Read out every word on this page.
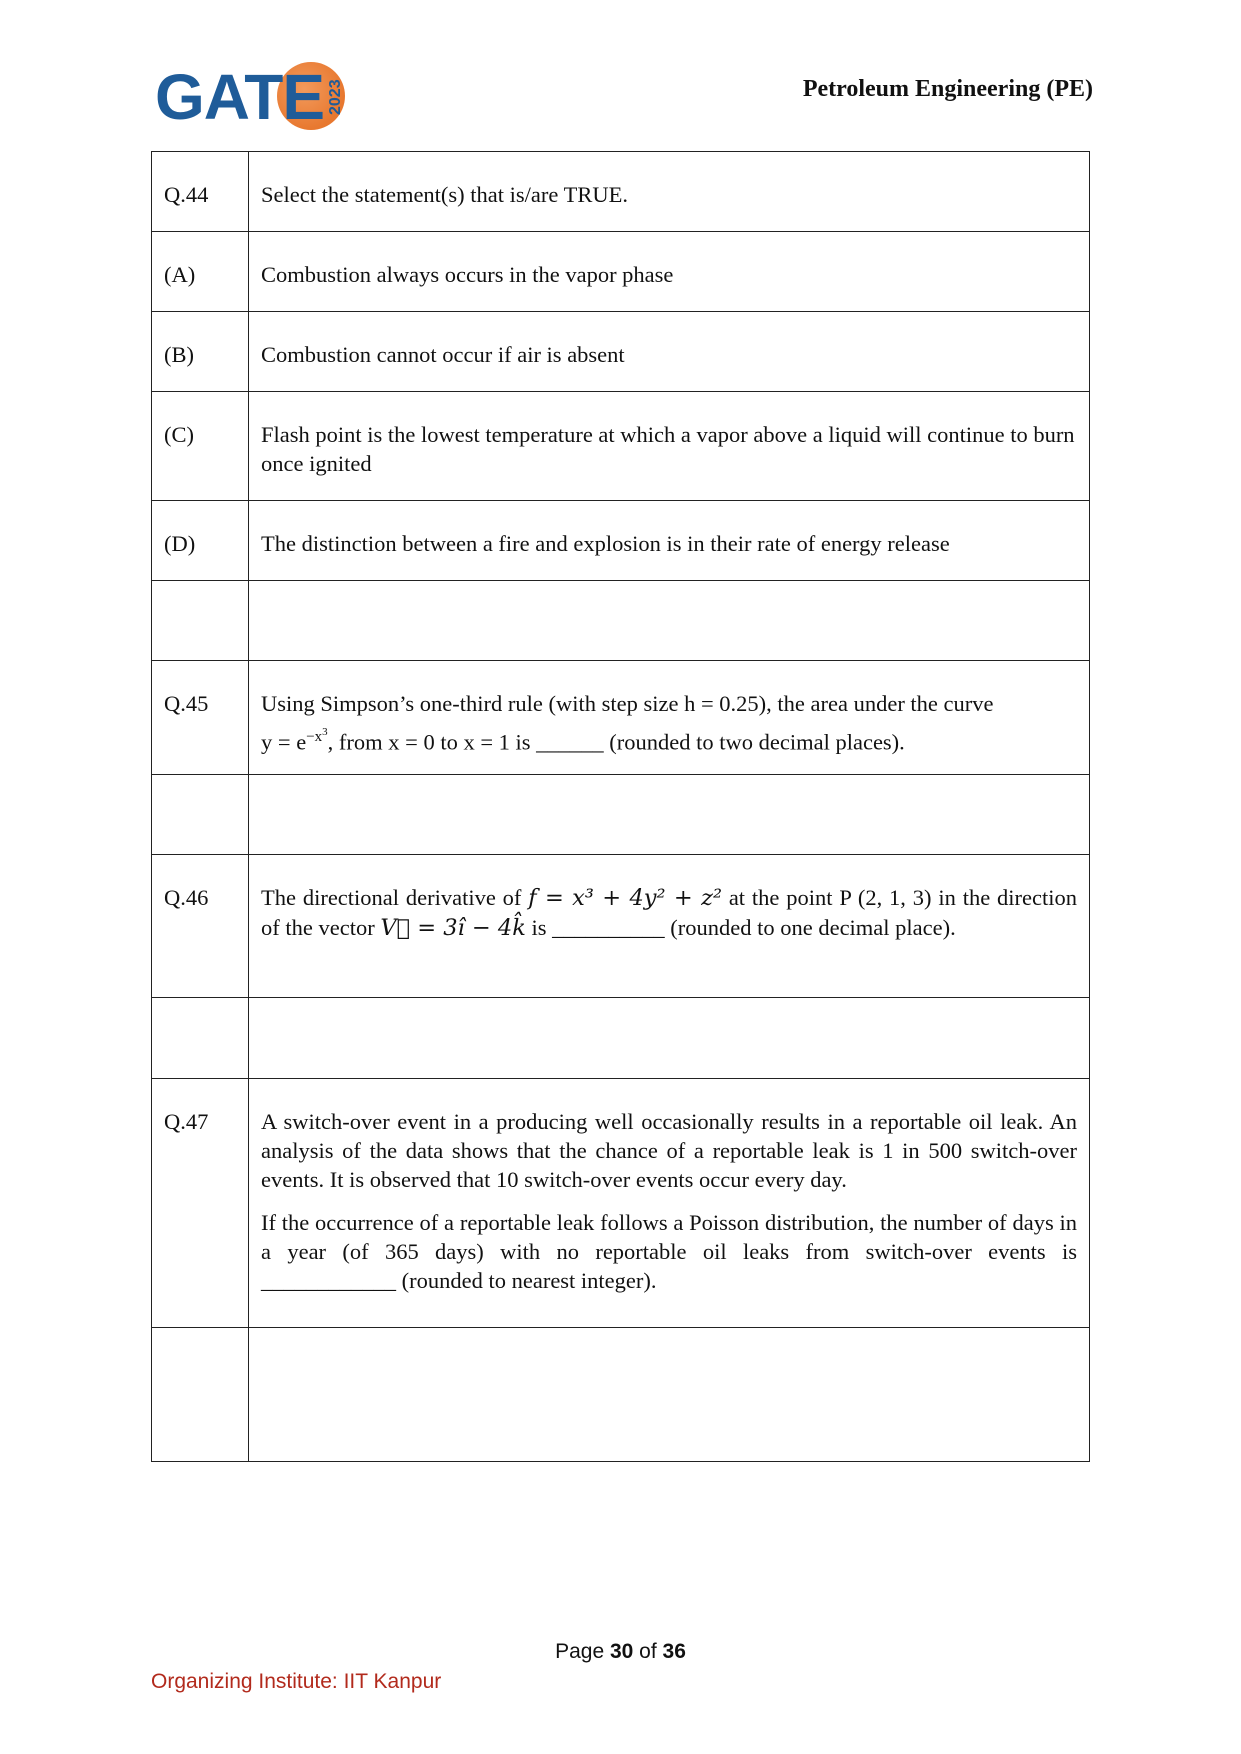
GATE 2023	Petroleum Engineering (PE)
Q.44	Select the statement(s) that is/are TRUE.
(A)	Combustion always occurs in the vapor phase
(B)	Combustion cannot occur if air is absent
(C)	Flash point is the lowest temperature at which a vapor above a liquid will continue to burn once ignited
(D)	The distinction between a fire and explosion is in their rate of energy release

Q.45	Using Simpson’s one-third rule (with step size h = 0.25), the area under the curve
$y = e^{-x^3}$, from x = 0 to x = 1 is ______ (rounded to two decimal places).

Q.46	The directional derivative of f = x³ + 4y² + z² at the point P (2, 1, 3) in the direction of the vector V⃗ = 3î − 4k̂ is __________ (rounded to one decimal place).

Q.47	A switch-over event in a producing well occasionally results in a reportable oil leak. An analysis of the data shows that the chance of a reportable leak is 1 in 500 switch-over events. It is observed that 10 switch-over events occur every day.
If the occurrence of a reportable leak follows a Poisson distribution, the number of days in a year (of 365 days) with no reportable oil leaks from switch-over events is ____________ (rounded to nearest integer).

Page 30 of 36
Organizing Institute: IIT Kanpur
